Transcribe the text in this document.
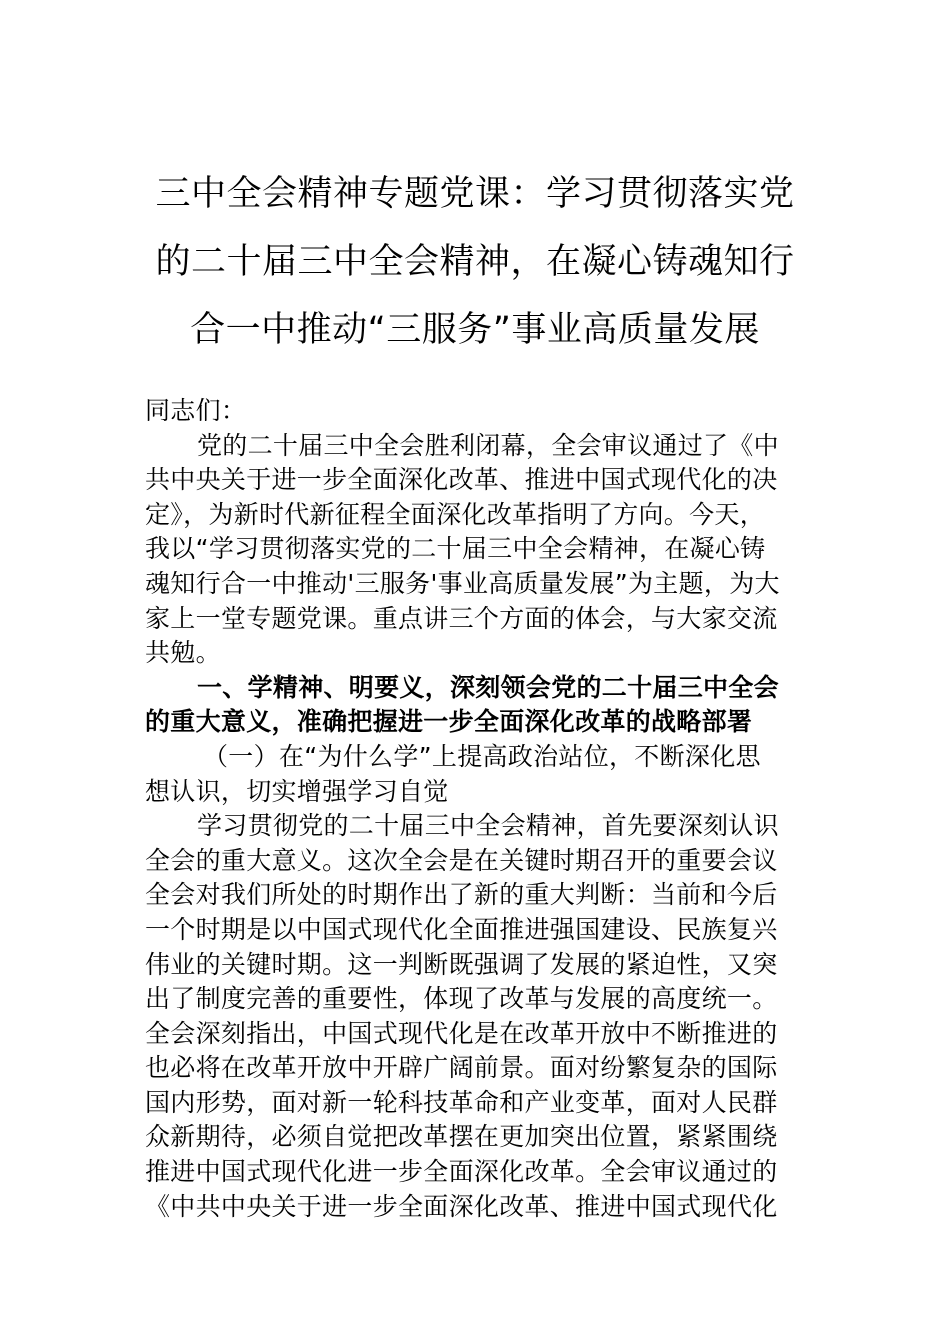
三中全会精神专题党课：学习贯彻落实党
的二十届三中全会精神，在凝心铸魂知行
合一中推动“三服务”事业高质量发展
同志们：
党的二十届三中全会胜利闭幕，全会审议通过了《中
共中央关于进一步全面深化改革、推进中国式现代化的决
定》，为新时代新征程全面深化改革指明了方向。今天，
我以“学习贯彻落实党的二十届三中全会精神，在凝心铸
魂知行合一中推动'三服务'事业高质量发展”为主题，为大
家上一堂专题党课。重点讲三个方面的体会，与大家交流
共勉。
一、学精神、明要义，深刻领会党的二十届三中全会
的重大意义，准确把握进一步全面深化改革的战略部署
（一）在“为什么学”上提高政治站位，不断深化思
想认识，切实增强学习自觉
学习贯彻党的二十届三中全会精神，首先要深刻认识
全会的重大意义。这次全会是在关键时期召开的重要会议
全会对我们所处的时期作出了新的重大判断：当前和今后
一个时期是以中国式现代化全面推进强国建设、民族复兴
伟业的关键时期。这一判断既强调了发展的紧迫性，又突
出了制度完善的重要性，体现了改革与发展的高度统一。
全会深刻指出，中国式现代化是在改革开放中不断推进的
也必将在改革开放中开辟广阔前景。面对纷繁复杂的国际
国内形势，面对新一轮科技革命和产业变革，面对人民群
众新期待，必须自觉把改革摆在更加突出位置，紧紧围绕
推进中国式现代化进一步全面深化改革。全会审议通过的
《中共中央关于进一步全面深化改革、推进中国式现代化
